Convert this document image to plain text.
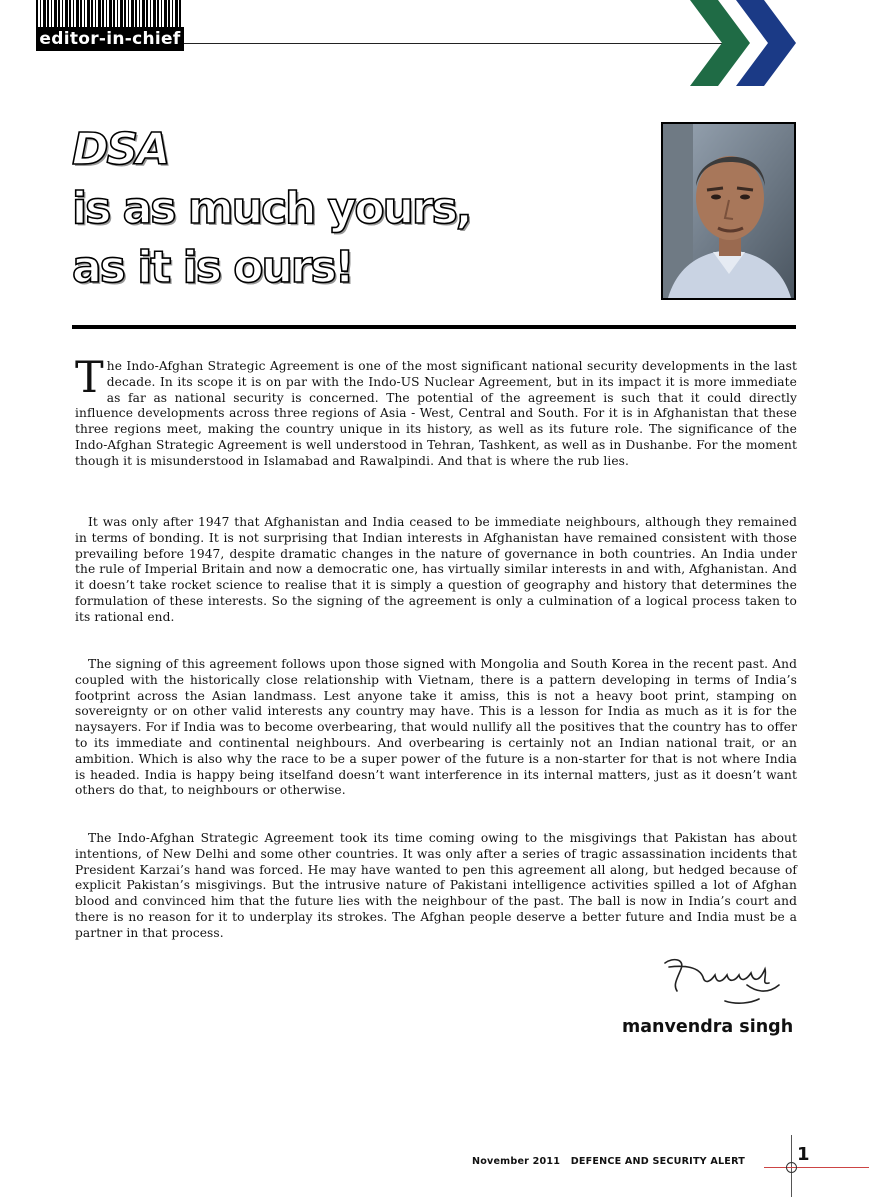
editor-in-chief
DSA
is as much yours,
as it is ours!

The Indo-Afghan Strategic Agreement is one of the most significant national security developments in the last decade. In its scope it is on par with the Indo-US Nuclear Agreement, but in its impact it is more immediate as far as national security is concerned. The potential of the agreement is such that it could directly influence developments across three regions of Asia - West, Central and South. For it is in Afghanistan that these three regions meet, making the country unique in its history, as well as its future role. The significance of the Indo-Afghan Strategic Agreement is well understood in Tehran, Tashkent, as well as in Dushanbe. For the moment though it is misunderstood in Islamabad and Rawalpindi. And that is where the rub lies.

It was only after 1947 that Afghanistan and India ceased to be immediate neighbours, although they remained in terms of bonding. It is not surprising that Indian interests in Afghanistan have remained consistent with those prevailing before 1947, despite dramatic changes in the nature of governance in both countries. An India under the rule of Imperial Britain and now a democratic one, has virtually similar interests in and with, Afghanistan. And it doesn’t take rocket science to realise that it is simply a question of geography and history that determines the formulation of these interests. So the signing of the agreement is only a culmination of a logical process taken to its rational end.

The signing of this agreement follows upon those signed with Mongolia and South Korea in the recent past. And coupled with the historically close relationship with Vietnam, there is a pattern developing in terms of India’s footprint across the Asian landmass. Lest anyone take it amiss, this is not a heavy boot print, stamping on sovereignty or on other valid interests any country may have. This is a lesson for India as much as it is for the naysayers. For if India was to become overbearing, that would nullify all the positives that the country has to offer to its immediate and continental neighbours. And overbearing is certainly not an Indian national trait, or an ambition. Which is also why the race to be a super power of the future is a non-starter for that is not where India is headed. India is happy being itselfand doesn’t want interference in its internal matters, just as it doesn’t want others do that, to neighbours or otherwise.

The Indo-Afghan Strategic Agreement took its time coming owing to the misgivings that Pakistan has about intentions, of New Delhi and some other countries. It was only after a series of tragic assassination incidents that President Karzai’s hand was forced. He may have wanted to pen this agreement all along, but hedged because of explicit Pakistan’s misgivings. But the intrusive nature of Pakistani intelligence activities spilled a lot of Afghan blood and convinced him that the future lies with the neighbour of the past. The ball is now in India’s court and there is no reason for it to underplay its strokes. The Afghan people deserve a better future and India must be a partner in that process.

manvendra singh
November 2011   DEFENCE AND SECURITY ALERT	1
